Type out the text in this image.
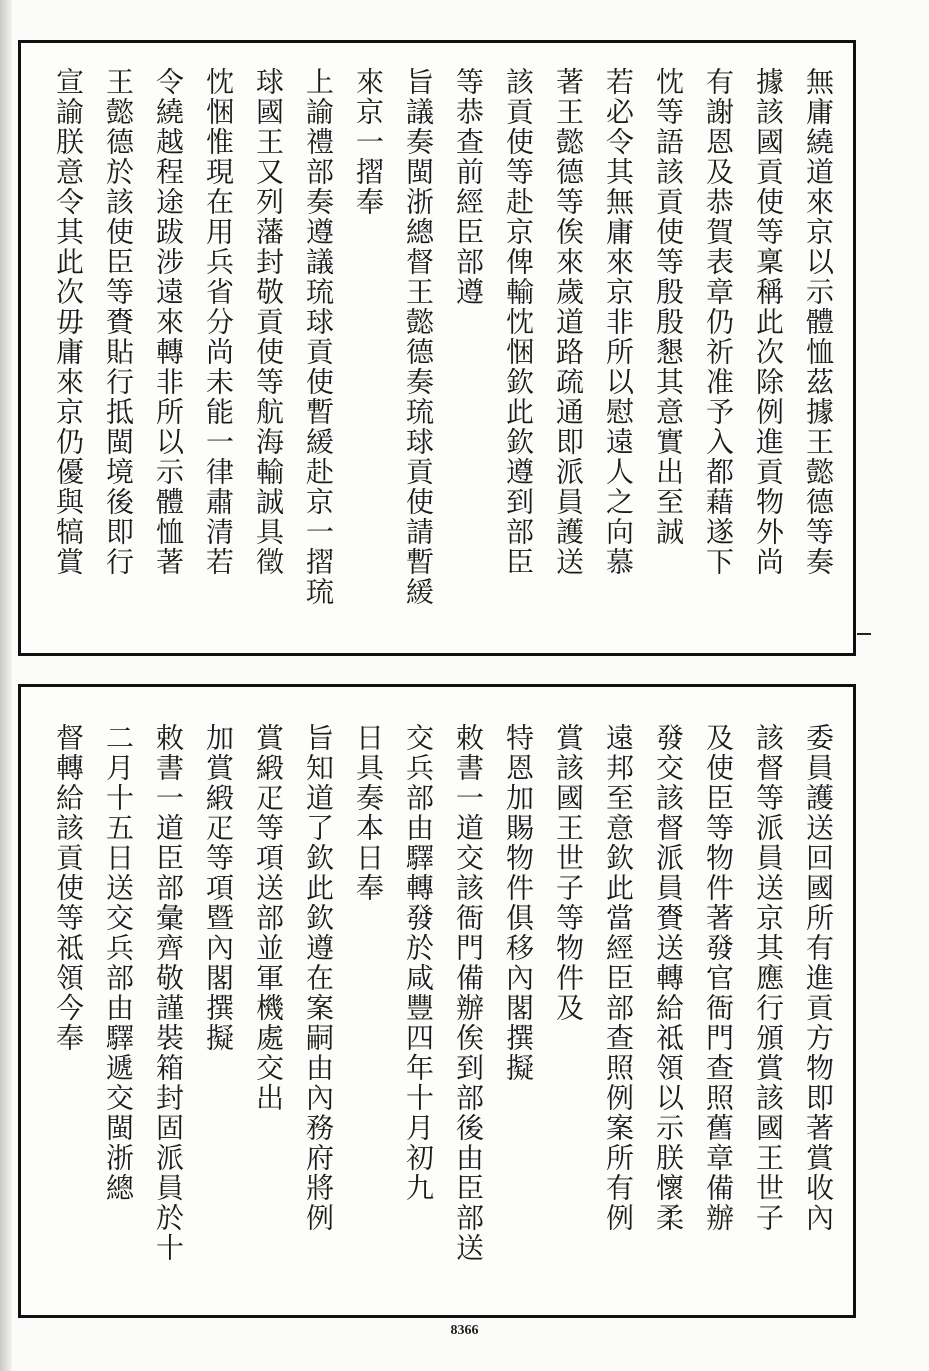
無庸繞道來京以示體恤茲據王懿德等奏
據該國貢使等稟稱此次除例進貢物外尚
有謝恩及恭賀表章仍祈准予入都藉遂下
忱等語該貢使等殷殷懇其意實出至誠
若必令其無庸來京非所以慰遠人之向慕
著王懿德等俟來歲道路疏通即派員護送
該貢使等赴京俾輸忱悃欽此欽遵到部臣
等恭查前經臣部遵
旨議奏閩浙總督王懿德奏琉球貢使請暫緩
來京一摺奉
上諭禮部奏遵議琉球貢使暫緩赴京一摺琉
球國王又列藩封敬貢使等航海輸誠具徵
忱悃惟現在用兵省分尚未能一律肅清若
令繞越程途跋涉遠來轉非所以示體恤著
王懿德於該使臣等賚貼行抵閩境後即行
宣諭朕意令其此次毋庸來京仍優與犒賞
委員護送回國所有進貢方物即著賞收內
該督等派員送京其應行頒賞該國王世子
及使臣等物件著發官衙門查照舊章備辦
發交該督派員賚送轉給祗領以示朕懷柔
遠邦至意欽此當經臣部查照例案所有例
賞該國王世子等物件及
特恩加賜物件俱移內閣撰擬
敕書一道交該衙門備辦俟到部後由臣部送
交兵部由驛轉發於咸豐四年十月初九
日具奏本日奉
旨知道了欽此欽遵在案嗣由內務府將例
賞緞疋等項送部並軍機處交出
加賞緞疋等項暨內閣撰擬
敕書一道臣部彙齊敬謹裝箱封固派員於十
二月十五日送交兵部由驛遞交閩浙總
督轉給該貢使等祗領今奉
8366
